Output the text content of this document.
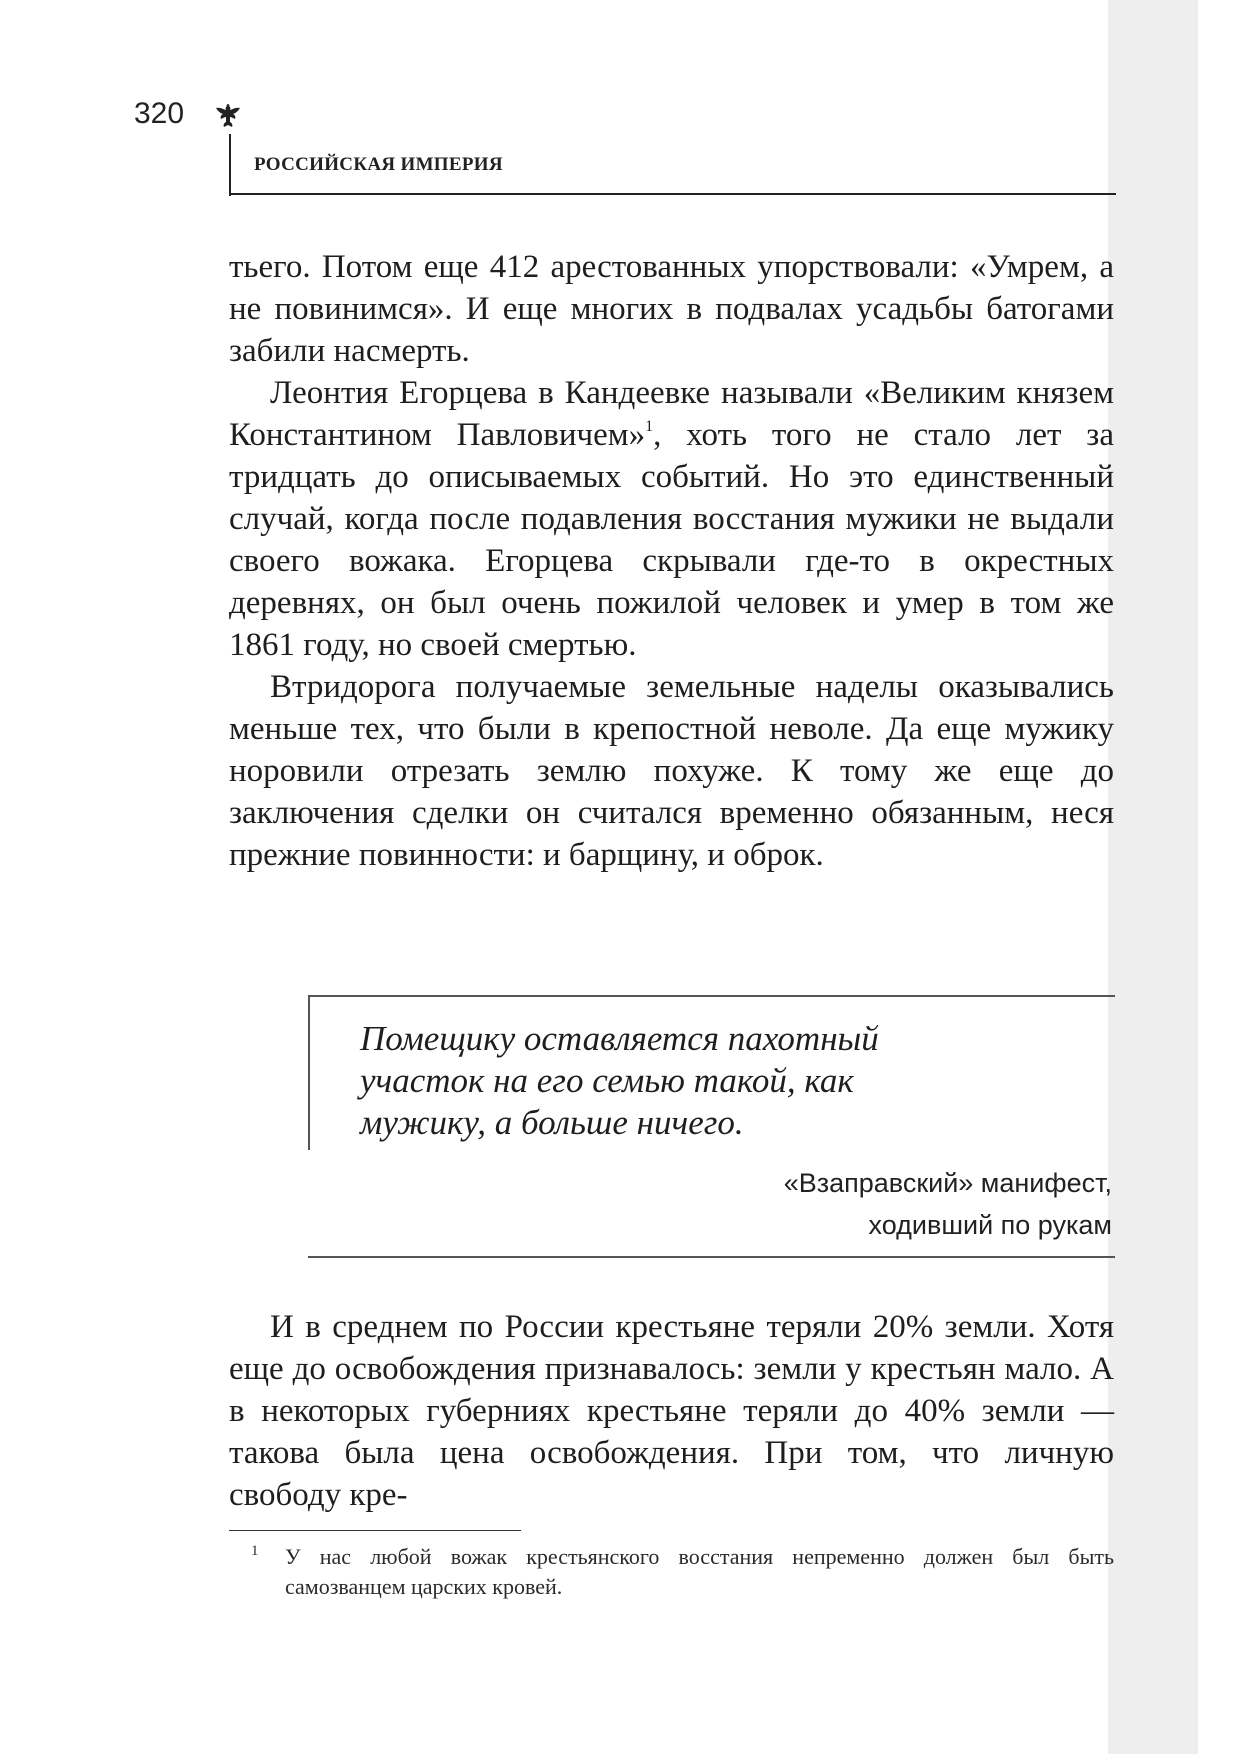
320
РОССИЙСКАЯ ИМПЕРИЯ

тьего. Потом еще 412 арестованных упорствовали: «Умрем, а не повинимся». И еще многих в подвалах усадьбы батогами забили насмерть.

Леонтия Егорцева в Кандеевке называли «Великим князем Константином Павловичем»$^1$, хоть того не стало лет за тридцать до описываемых событий. Но это единственный случай, когда после подавления восстания мужики не выдали своего вожака. Егорцева скрывали где-то в окрестных деревнях, он был очень пожилой человек и умер в том же 1861 году, но своей смертью.

Втридорога получаемые земельные наделы оказывались меньше тех, что были в крепостной неволе. Да еще мужику норовили отрезать землю похуже. К тому же еще до заключения сделки он считался временно обязанным, неся прежние повинности: и барщину, и оброк.

Помещику оставляется пахотный
участок на его семью такой, как
мужику, а больше ничего.
«Взаправский» манифест,
ходивший по рукам

И в среднем по России крестьяне теряли 20% земли. Хотя еще до освобождения признавалось: земли у крестьян мало. А в некоторых губерниях крестьяне теряли до 40% земли — такова была цена освобождения. При том, что личную свободу кре-

1 У нас любой вожак крестьянского восстания непременно должен был быть самозванцем царских кровей.
